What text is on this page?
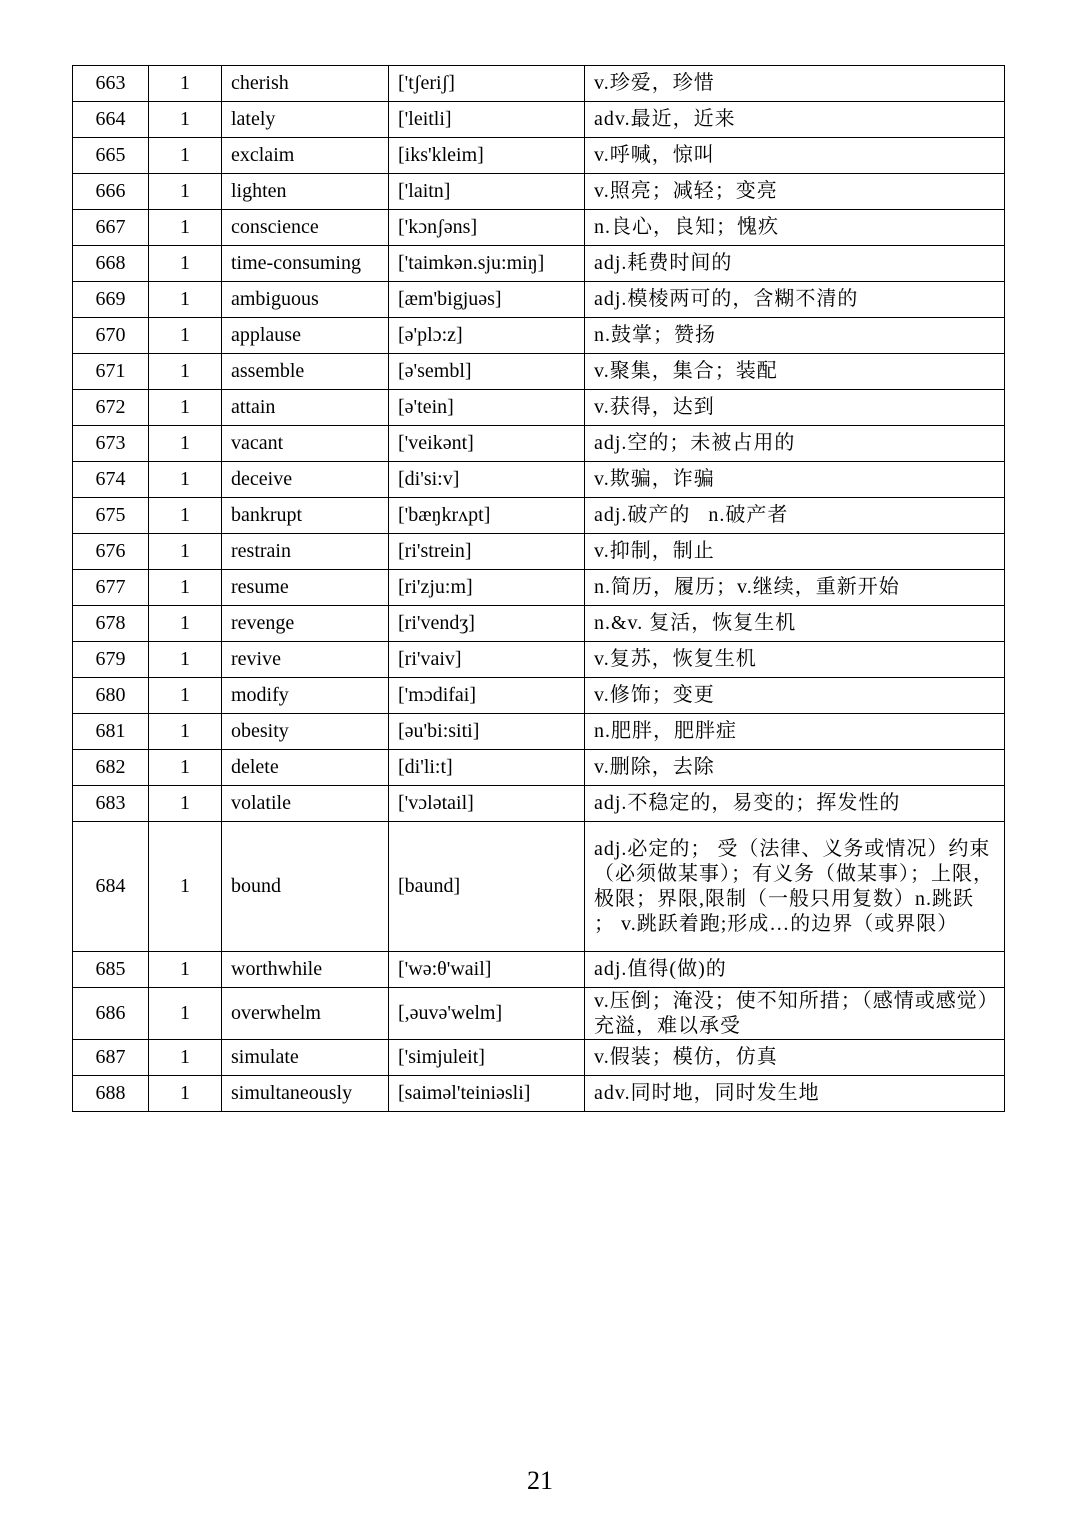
663	1	cherish	['tʃeriʃ]	v.珍爱，珍惜
664	1	lately	['leitli]	adv.最近，近来
665	1	exclaim	[iks'kleim]	v.呼喊，惊叫
666	1	lighten	['laitn]	v.照亮；减轻；变亮
667	1	conscience	['kɔnʃəns]	n.良心，良知；愧疚
668	1	time-consuming	['taimkən.sju:miŋ]	adj.耗费时间的
669	1	ambiguous	[æm'bigjuəs]	adj.模棱两可的，含糊不清的
670	1	applause	[ə'plɔ:z]	n.鼓掌；赞扬
671	1	assemble	[ə'sembl]	v.聚集，集合；装配
672	1	attain	[ə'tein]	v.获得，达到
673	1	vacant	['veikənt]	adj.空的；未被占用的
674	1	deceive	[di'si:v]	v.欺骗，诈骗
675	1	bankrupt	['bæŋkrʌpt]	adj.破产的   n.破产者
676	1	restrain	[ri'strein]	v.抑制，制止
677	1	resume	[ri'zju:m]	n.简历，履历；v.继续，重新开始
678	1	revenge	[ri'vendʒ]	n.&v. 复活，恢复生机
679	1	revive	[ri'vaiv]	v.复苏，恢复生机
680	1	modify	['mɔdifai]	v.修饰；变更
681	1	obesity	[əu'bi:siti]	n.肥胖，肥胖症
682	1	delete	[di'li:t]	v.删除，去除
683	1	volatile	['vɔlətail]	adj.不稳定的，易变的；挥发性的
684	1	bound	[baund]	adj.必定的； 受（法律、义务或情况）约束（必须做某事）；有义务（做某事）；上限，极限；界限,限制（一般只用复数）n.跳跃 ； v.跳跃着跑;形成…的边界（或界限）
685	1	worthwhile	['wə:θ'wail]	adj.值得(做)的
686	1	overwhelm	[,əuvə'welm]	v.压倒；淹没；使不知所措；（感情或感觉）充溢，难以承受
687	1	simulate	['simjuleit]	v.假装；模仿，仿真
688	1	simultaneously	[saiməl'teiniəsli]	adv.同时地，同时发生地
21
